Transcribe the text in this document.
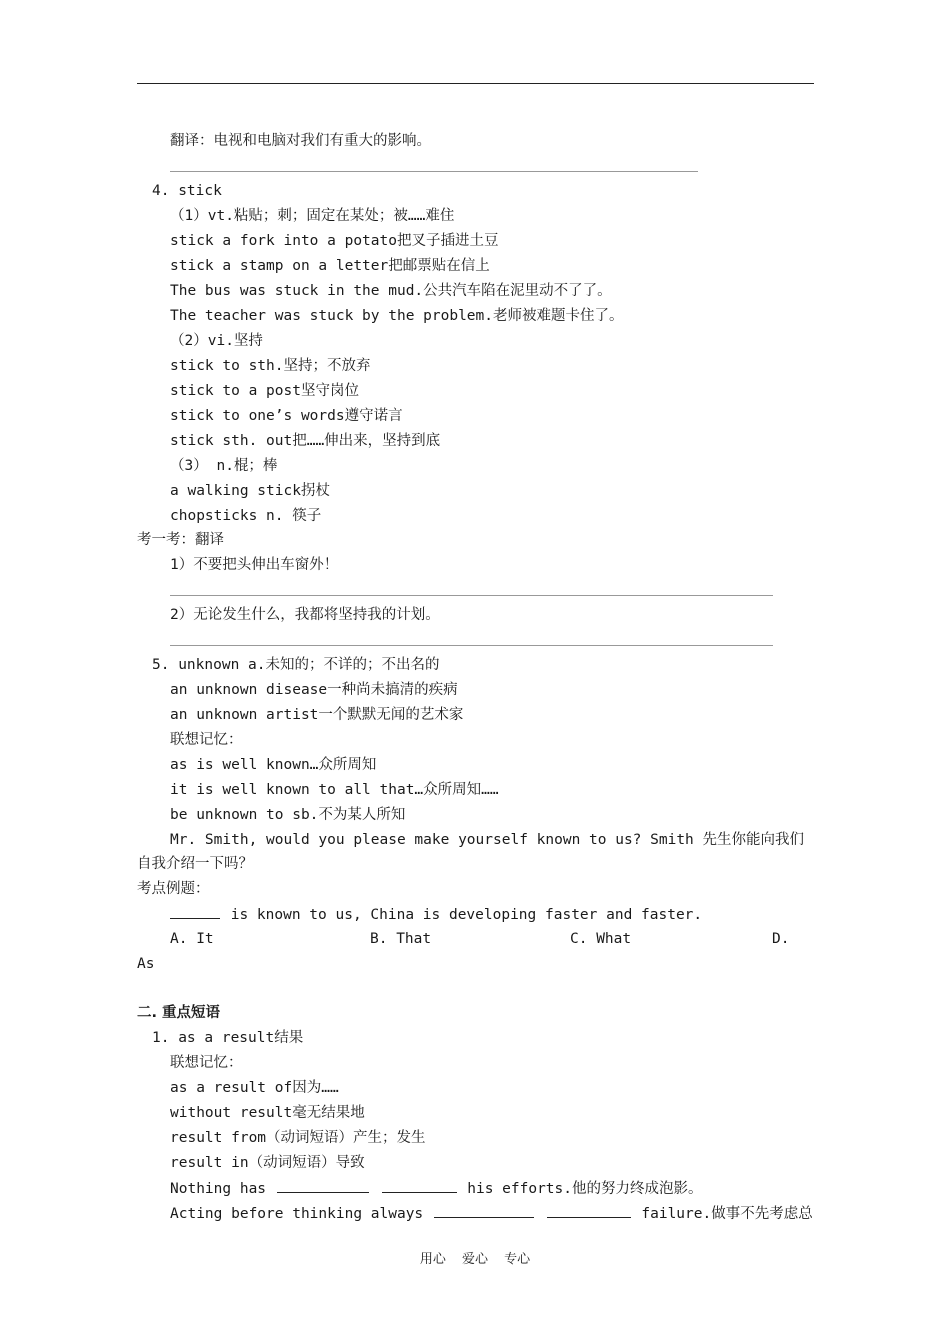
翻译：电视和电脑对我们有重大的影响。
4. stick
（1）vt.粘贴；刺；固定在某处；被……难住
stick a fork into a potato把叉子插进土豆
stick a stamp on a letter把邮票贴在信上
The bus was stuck in the mud.公共汽车陷在泥里动不了了。
The teacher was stuck by the problem.老师被难题卡住了。
（2）vi.坚持
stick to sth.坚持；不放弃
stick to a post坚守岗位
stick to one’s words遵守诺言
stick sth. out把……伸出来，坚持到底
（3） n.棍；棒
a walking stick拐杖
chopsticks n. 筷子
考一考：翻译
1）不要把头伸出车窗外！
2）无论发生什么，我都将坚持我的计划。
5. unknown a.未知的；不详的；不出名的
an unknown disease一种尚未搞清的疾病
an unknown artist一个默默无闻的艺术家
联想记忆：
as is well known…众所周知
it is well known to all that…众所周知……
be unknown to sb.不为某人所知
Mr. Smith, would you please make yourself known to us? Smith 先生你能向我们
自我介绍一下吗？
考点例题：
is known to us, China is developing faster and faster.
A. It	B. That	C. What	D.
As
二. 重点短语
1. as a result结果
联想记忆：
as a result of因为……
without result毫无结果地
result from（动词短语）产生；发生
result in（动词短语）导致
Nothing has	his efforts.他的努力终成泡影。
Acting before thinking always	failure.做事不先考虑总
用心 爱心 专心
